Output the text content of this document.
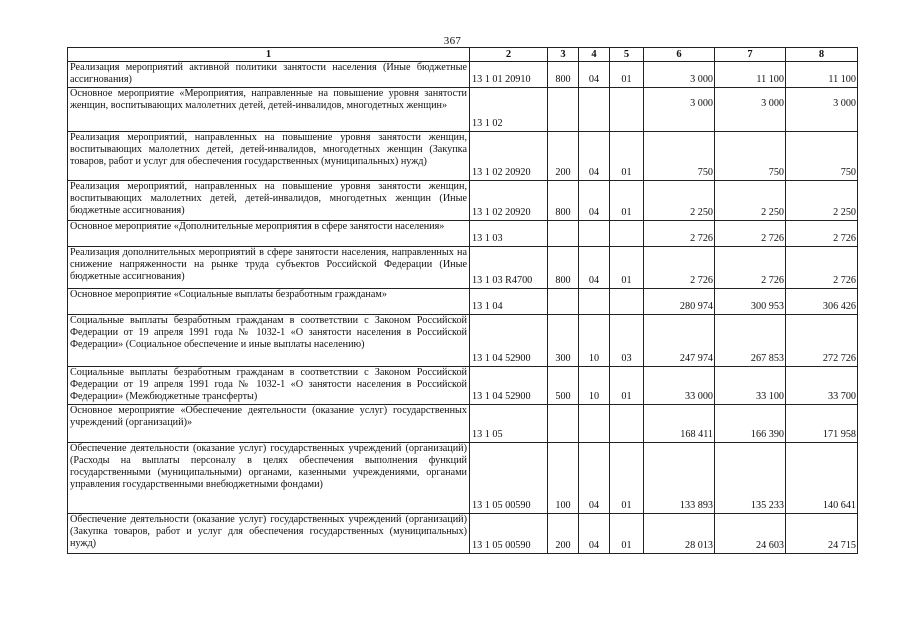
367
1	2	3	4	5	6	7	8
Реализация мероприятий активной политики занятости населения (Иные бюджетные ассигнования)	13 1 01 20910	800	04	01	3 000	11 100	11 100
Основное мероприятие «Мероприятия, направленные на повышение уровня занятости женщин, воспитывающих малолетних детей, детей-инвалидов, многодетных женщин»	13 1 02				3 000	3 000	3 000
Реализация мероприятий, направленных на повышение уровня занятости женщин, воспитывающих малолетних детей, детей-инвалидов, многодетных женщин (Закупка товаров, работ и услуг для обеспечения государственных (муниципальных) нужд)	13 1 02 20920	200	04	01	750	750	750
Реализация мероприятий, направленных на повышение уровня занятости женщин, воспитывающих малолетних детей, детей-инвалидов, многодетных женщин (Иные бюджетные ассигнования)	13 1 02 20920	800	04	01	2 250	2 250	2 250
Основное мероприятие «Дополнительные мероприятия в сфере занятости населения»	13 1 03				2 726	2 726	2 726
Реализация дополнительных мероприятий в сфере занятости населения, направленных на снижение напряженности на рынке труда субъектов Российской Федерации (Иные бюджетные ассигнования)	13 1 03 R4700	800	04	01	2 726	2 726	2 726
Основное мероприятие «Социальные выплаты безработным гражданам»	13 1 04				280 974	300 953	306 426
Социальные выплаты безработным гражданам в соответствии с Законом Российской Федерации от 19 апреля 1991 года № 1032-1 «О занятости населения в Российской Федерации» (Социальное обеспечение и иные выплаты населению)	13 1 04 52900	300	10	03	247 974	267 853	272 726
Социальные выплаты безработным гражданам в соответствии с Законом Российской Федерации от 19 апреля 1991 года № 1032-1 «О занятости населения в Российской Федерации» (Межбюджетные трансферты)	13 1 04 52900	500	10	01	33 000	33 100	33 700
Основное мероприятие «Обеспечение деятельности (оказание услуг) государственных учреждений (организаций)»	13 1 05				168 411	166 390	171 958
Обеспечение деятельности (оказание услуг) государственных учреждений (организаций) (Расходы на выплаты персоналу в целях обеспечения выполнения функций государственными (муниципальными) органами, казенными учреждениями, органами управления государственными внебюджетными фондами)	13 1 05 00590	100	04	01	133 893	135 233	140 641
Обеспечение деятельности (оказание услуг) государственных учреждений (организаций) (Закупка товаров, работ и услуг для обеспечения государственных (муниципальных) нужд)	13 1 05 00590	200	04	01	28 013	24 603	24 715
